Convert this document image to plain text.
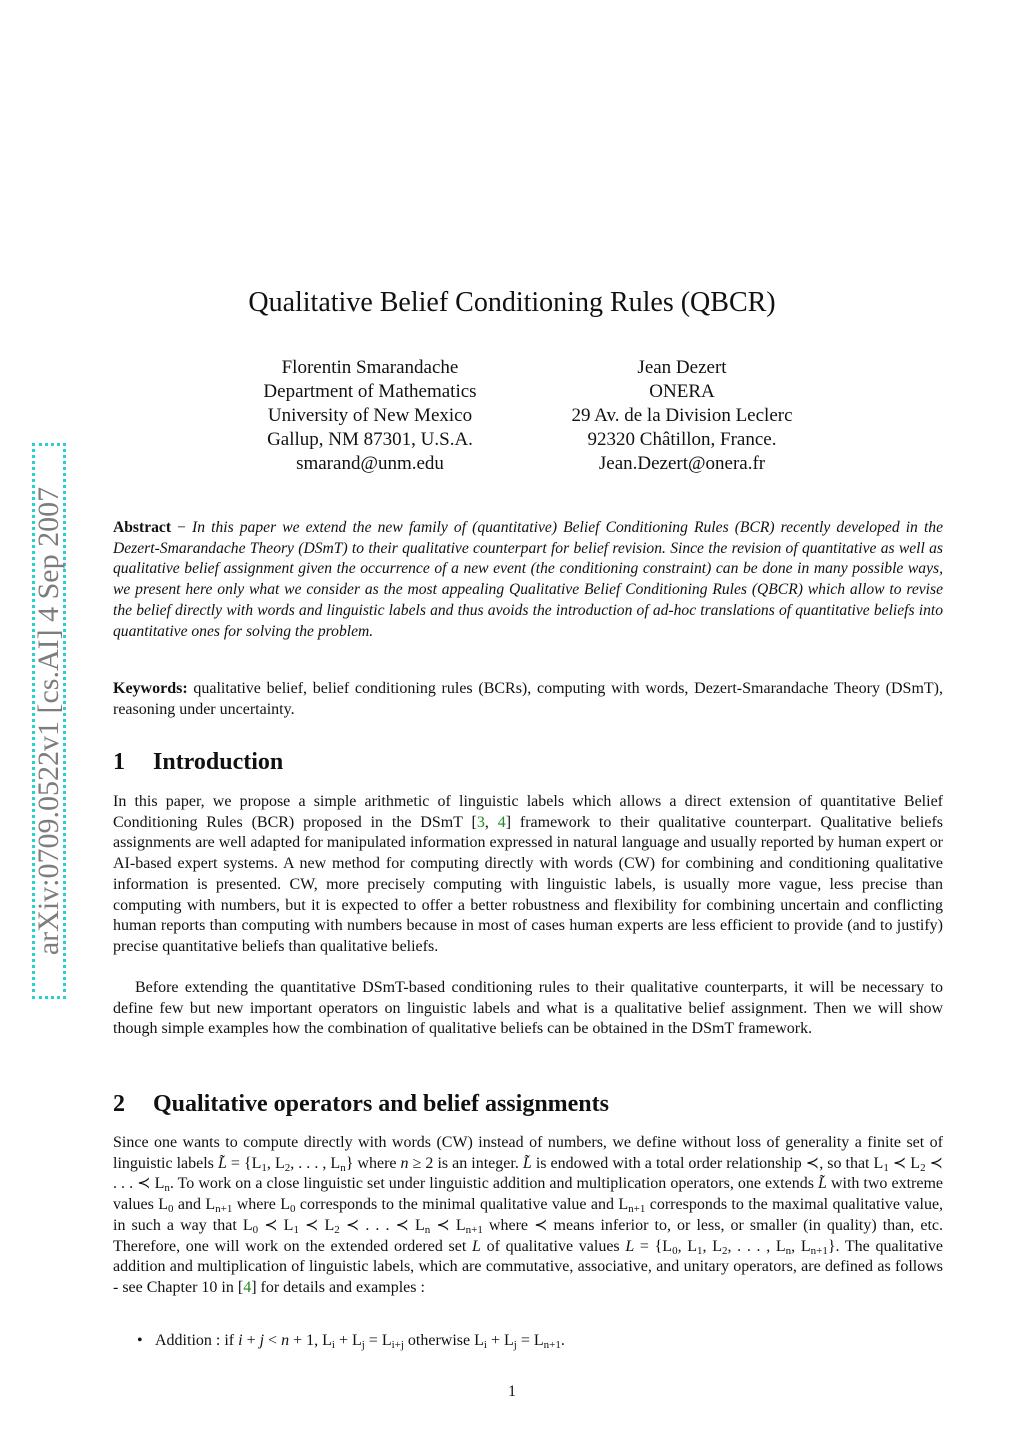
arXiv:0709.0522v1 [cs.AI] 4 Sep 2007
Qualitative Belief Conditioning Rules (QBCR)
Florentin Smarandache
Department of Mathematics
University of New Mexico
Gallup, NM 87301, U.S.A.
smarand@unm.edu
Jean Dezert
ONERA
29 Av. de la Division Leclerc
92320 Châtillon, France.
Jean.Dezert@onera.fr
Abstract − In this paper we extend the new family of (quantitative) Belief Conditioning Rules (BCR) recently developed in the Dezert-Smarandache Theory (DSmT) to their qualitative counterpart for belief revision. Since the revision of quantitative as well as qualitative belief assignment given the occurrence of a new event (the conditioning constraint) can be done in many possible ways, we present here only what we consider as the most appealing Qualitative Belief Conditioning Rules (QBCR) which allow to revise the belief directly with words and linguistic labels and thus avoids the introduction of ad-hoc translations of quantitative beliefs into quantitative ones for solving the problem.
Keywords: qualitative belief, belief conditioning rules (BCRs), computing with words, Dezert-Smarandache Theory (DSmT), reasoning under uncertainty.
1 Introduction
In this paper, we propose a simple arithmetic of linguistic labels which allows a direct extension of quantitative Belief Conditioning Rules (BCR) proposed in the DSmT [3, 4] framework to their qualitative counterpart. Qualitative beliefs assignments are well adapted for manipulated information expressed in natural language and usually reported by human expert or AI-based expert systems. A new method for computing directly with words (CW) for combining and conditioning qualitative information is presented. CW, more precisely computing with linguistic labels, is usually more vague, less precise than computing with numbers, but it is expected to offer a better robustness and flexibility for combining uncertain and conflicting human reports than computing with numbers because in most of cases human experts are less efficient to provide (and to justify) precise quantitative beliefs than qualitative beliefs.
Before extending the quantitative DSmT-based conditioning rules to their qualitative counterparts, it will be necessary to define few but new important operators on linguistic labels and what is a qualitative belief assignment. Then we will show though simple examples how the combination of qualitative beliefs can be obtained in the DSmT framework.
2 Qualitative operators and belief assignments
Since one wants to compute directly with words (CW) instead of numbers, we define without loss of generality a finite set of linguistic labels L̃ = {$L_1$, $L_2$, . . . , $L_n$} where n ≥ 2 is an integer. L̃ is endowed with a total order relationship ≺, so that $L_1$ ≺ $L_2$ ≺ . . . ≺ $L_n$. To work on a close linguistic set under linguistic addition and multiplication operators, one extends L̃ with two extreme values $L_0$ and $L_{n+1}$ where $L_0$ corresponds to the minimal qualitative value and $L_{n+1}$ corresponds to the maximal qualitative value, in such a way that $L_0$ ≺ $L_1$ ≺ $L_2$ ≺ . . . ≺ $L_n$ ≺ $L_{n+1}$ where ≺ means inferior to, or less, or smaller (in quality) than, etc. Therefore, one will work on the extended ordered set L of qualitative values $L = \{L_0$, $L_1$, $L_2$, . . . , $L_n$, $L_{n+1}$}. The qualitative addition and multiplication of linguistic labels, which are commutative, associative, and unitary operators, are defined as follows - see Chapter 10 in [4] for details and examples :
• Addition : if i + j < n + 1, $L_i + L_j = L_{i+j}$ otherwise $L_i + L_j = L_{n+1}$.
1
